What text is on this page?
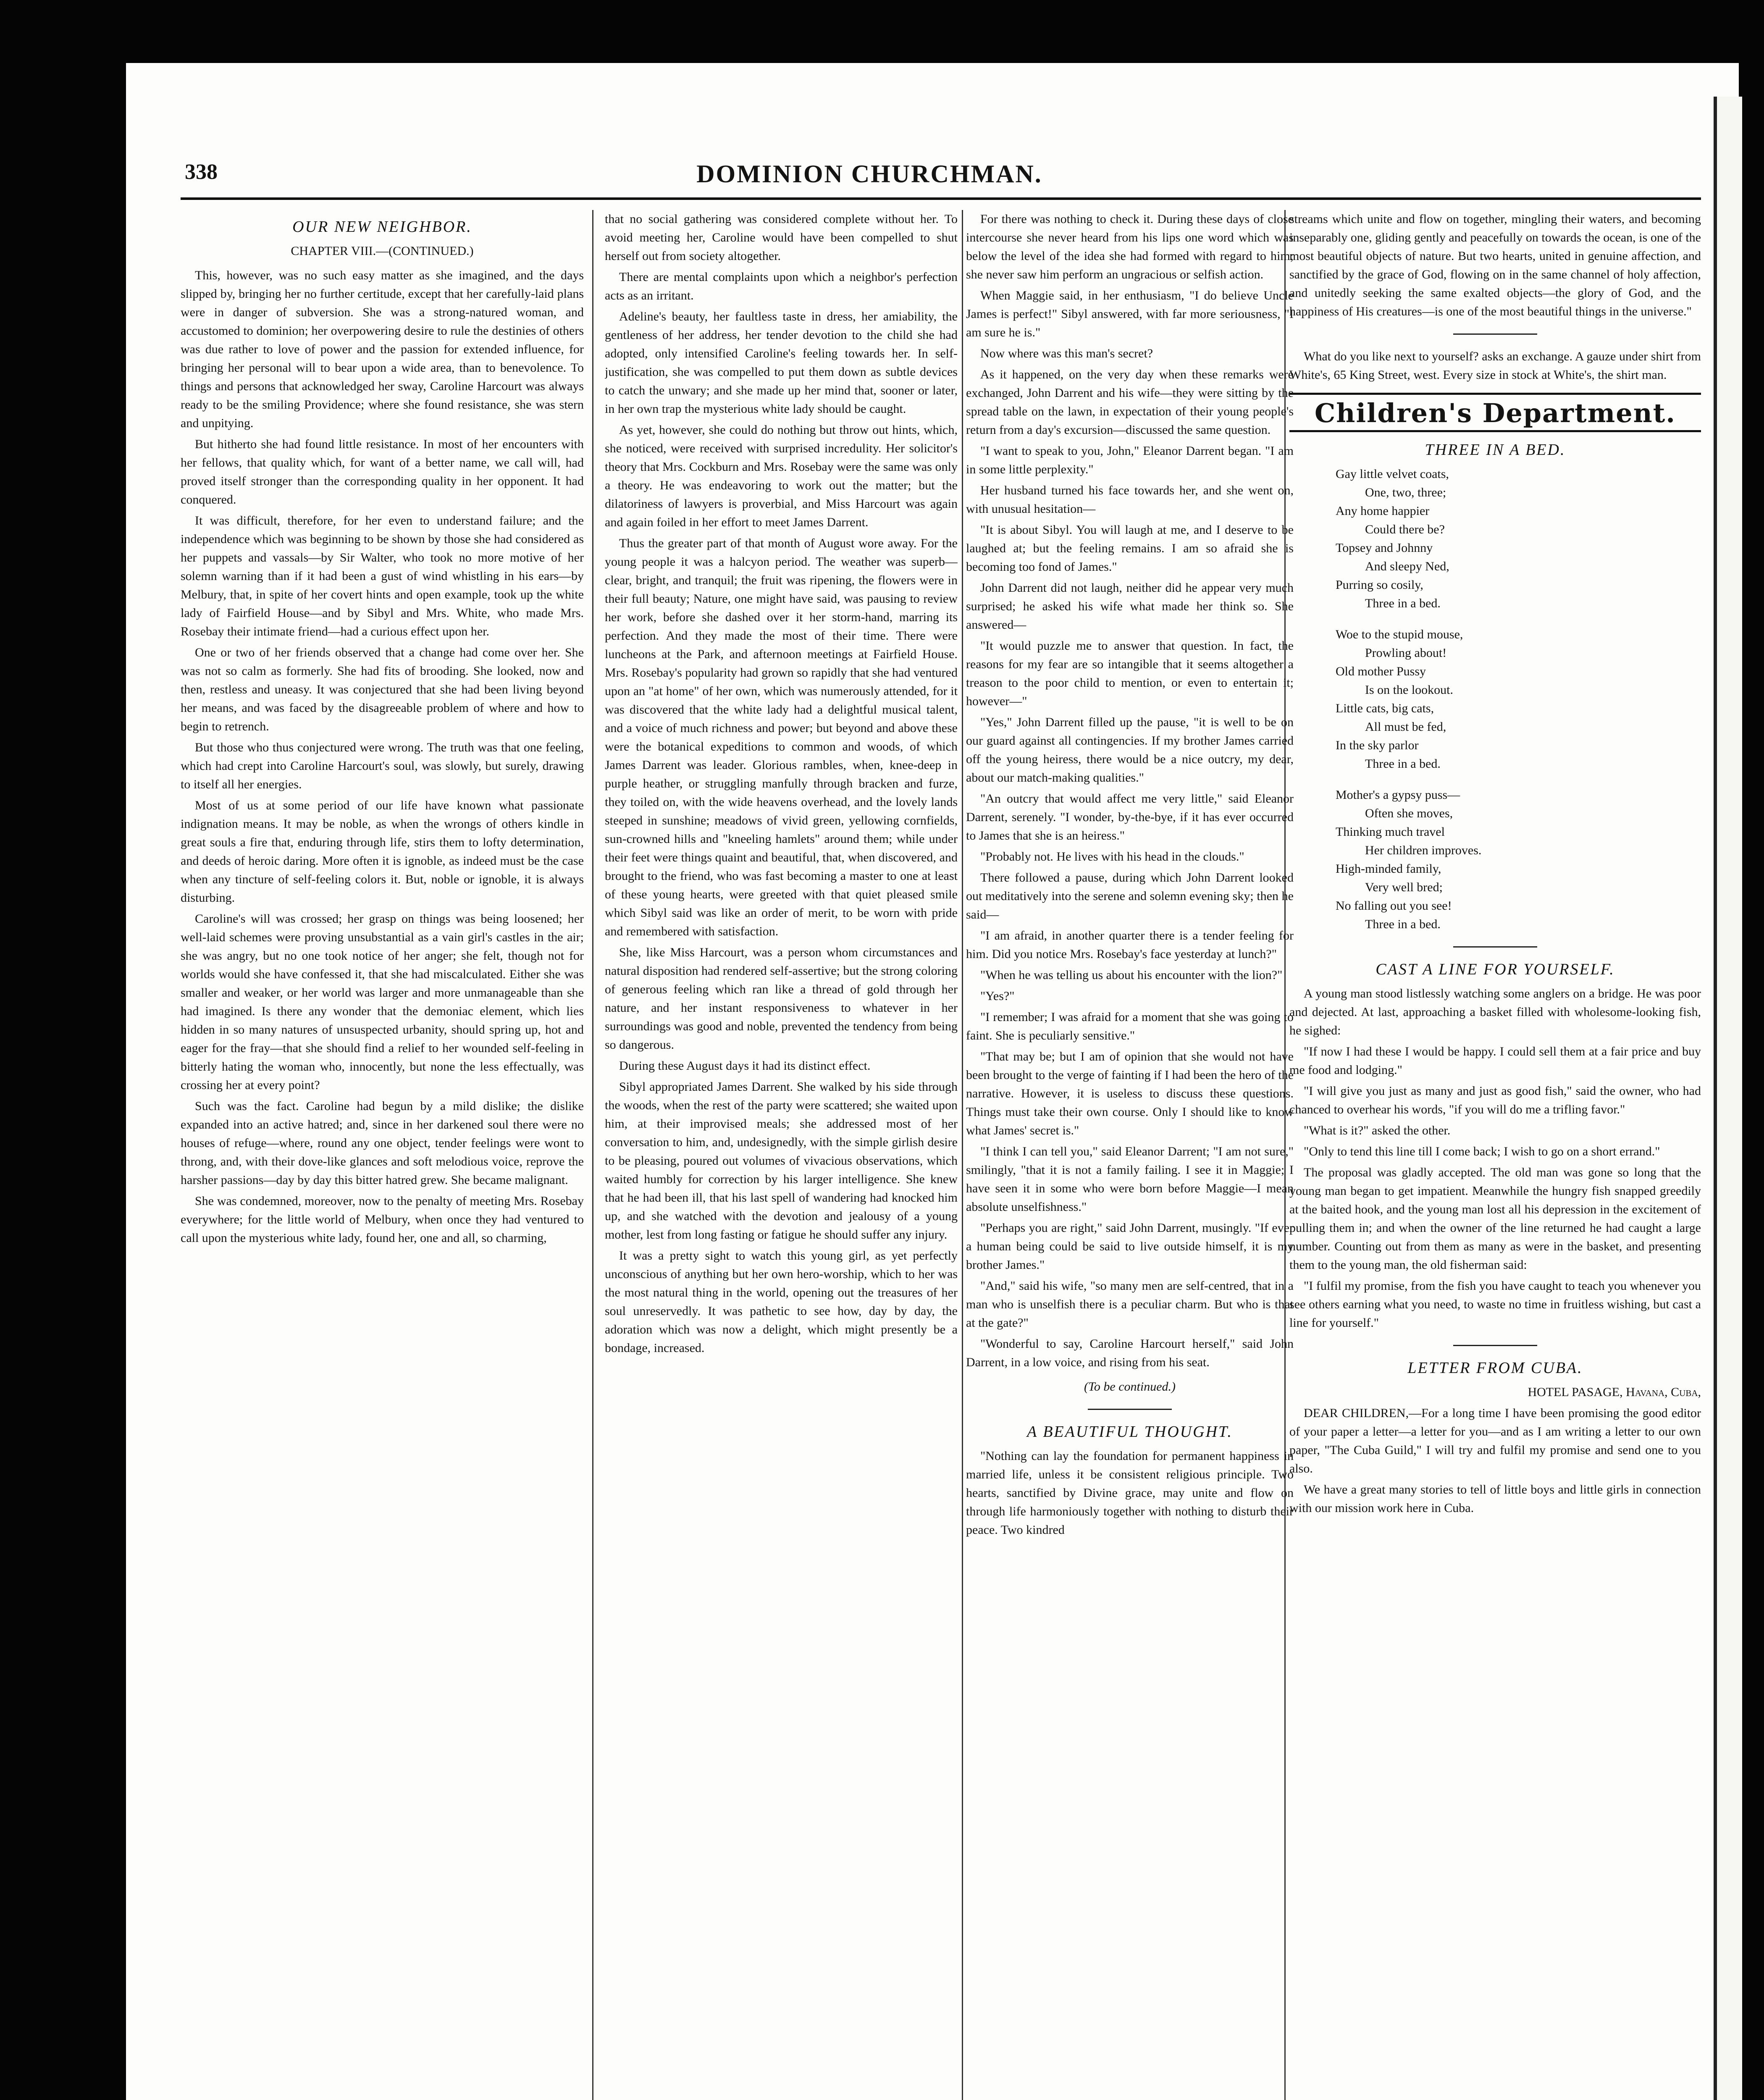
338	DOMINION CHURCHMAN.

OUR NEW NEIGHBOR.

CHAPTER VIII.—(CONTINUED.)

This, however, was no such easy matter as she imagined, and the days slipped by, bringing her no further certitude, except that her carefully-laid plans were in danger of subversion. She was a strong-natured woman, and accustomed to dominion; her overpowering desire to rule the destinies of others was due rather to love of power and the passion for extended influence, for bringing her personal will to bear upon a wide area, than to benevolence. To things and persons that acknowledged her sway, Caroline Harcourt was always ready to be the smiling Providence; where she found resistance, she was stern and unpitying.

But hitherto she had found little resistance. In most of her encounters with her fellows, that quality which, for want of a better name, we call will, had proved itself stronger than the corresponding quality in her opponent. It had conquered.

It was difficult, therefore, for her even to understand failure; and the independence which was beginning to be shown by those she had considered as her puppets and vassals—by Sir Walter, who took no more motive of her solemn warning than if it had been a gust of wind whistling in his ears—by Melbury, that, in spite of her covert hints and open example, took up the white lady of Fairfield House—and by Sibyl and Mrs. White, who made Mrs. Rosebay their intimate friend—had a curious effect upon her.

One or two of her friends observed that a change had come over her. She was not so calm as formerly. She had fits of brooding. She looked, now and then, restless and uneasy. It was conjectured that she had been living beyond her means, and was faced by the disagreeable problem of where and how to begin to retrench.

But those who thus conjectured were wrong. The truth was that one feeling, which had crept into Caroline Harcourt's soul, was slowly, but surely, drawing to itself all her energies.

Most of us at some period of our life have known what passionate indignation means. It may be noble, as when the wrongs of others kindle in great souls a fire that, enduring through life, stirs them to lofty determination, and deeds of heroic daring. More often it is ignoble, as indeed must be the case when any tincture of self-feeling colors it. But, noble or ignoble, it is always disturbing.

Caroline's will was crossed; her grasp on things was being loosened; her well-laid schemes were proving unsubstantial as a vain girl's castles in the air; she was angry, but no one took notice of her anger; she felt, though not for worlds would she have confessed it, that she had miscalculated. Either she was smaller and weaker, or her world was larger and more unmanageable than she had imagined. Is there any wonder that the demoniac element, which lies hidden in so many natures of unsuspected urbanity, should spring up, hot and eager for the fray—that she should find a relief to her wounded self-feeling in bitterly hating the woman who, innocently, but none the less effectually, was crossing her at every point?

Such was the fact. Caroline had begun by a mild dislike; the dislike expanded into an active hatred; and, since in her darkened soul there were no houses of refuge—where, round any one object, tender feelings were wont to throng, and, with their dove-like glances and soft melodious voice, reprove the harsher passions—day by day this bitter hatred grew. She became malignant.

She was condemned, moreover, now to the penalty of meeting Mrs. Rosebay everywhere; for the little world of Melbury, when once they had ventured to call upon the mysterious white lady, found her, one and all, so charming,

that no social gathering was considered complete without her. To avoid meeting her, Caroline would have been compelled to shut herself out from society altogether.

There are mental complaints upon which a neighbor's perfection acts as an irritant.

Adeline's beauty, her faultless taste in dress, her amiability, the gentleness of her address, her tender devotion to the child she had adopted, only intensified Caroline's feeling towards her. In self-justification, she was compelled to put them down as subtle devices to catch the unwary; and she made up her mind that, sooner or later, in her own trap the mysterious white lady should be caught.

As yet, however, she could do nothing but throw out hints, which, she noticed, were received with surprised incredulity. Her solicitor's theory that Mrs. Cockburn and Mrs. Rosebay were the same was only a theory. He was endeavoring to work out the matter; but the dilatoriness of lawyers is proverbial, and Miss Harcourt was again and again foiled in her effort to meet James Darrent.

Thus the greater part of that month of August wore away. For the young people it was a halcyon period. The weather was superb—clear, bright, and tranquil; the fruit was ripening, the flowers were in their full beauty; Nature, one might have said, was pausing to review her work, before she dashed over it her storm-hand, marring its perfection. And they made the most of their time. There were luncheons at the Park, and afternoon meetings at Fairfield House. Mrs. Rosebay's popularity had grown so rapidly that she had ventured upon an "at home" of her own, which was numerously attended, for it was discovered that the white lady had a delightful musical talent, and a voice of much richness and power; but beyond and above these were the botanical expeditions to common and woods, of which James Darrent was leader. Glorious rambles, when, knee-deep in purple heather, or struggling manfully through bracken and furze, they toiled on, with the wide heavens overhead, and the lovely lands steeped in sunshine; meadows of vivid green, yellowing cornfields, sun-crowned hills and "kneeling hamlets" around them; while under their feet were things quaint and beautiful, that, when discovered, and brought to the friend, who was fast becoming a master to one at least of these young hearts, were greeted with that quiet pleased smile which Sibyl said was like an order of merit, to be worn with pride and remembered with satisfaction.

She, like Miss Harcourt, was a person whom circumstances and natural disposition had rendered self-assertive; but the strong coloring of generous feeling which ran like a thread of gold through her nature, and her instant responsiveness to whatever in her surroundings was good and noble, prevented the tendency from being so dangerous.

During these August days it had its distinct effect.

Sibyl appropriated James Darrent. She walked by his side through the woods, when the rest of the party were scattered; she waited upon him, at their improvised meals; she addressed most of her conversation to him, and, undesignedly, with the simple girlish desire to be pleasing, poured out volumes of vivacious observations, which waited humbly for correction by his larger intelligence. She knew that he had been ill, that his last spell of wandering had knocked him up, and she watched with the devotion and jealousy of a young mother, lest from long fasting or fatigue he should suffer any injury.

It was a pretty sight to watch this young girl, as yet perfectly unconscious of anything but her own hero-worship, which to her was the most natural thing in the world, opening out the treasures of her soul unreservedly. It was pathetic to see how, day by day, the adoration which was now a delight, which might presently be a bondage, increased.

For there was nothing to check it. During these days of close intercourse she never heard from his lips one word which was below the level of the idea she had formed with regard to him; she never saw him perform an ungracious or selfish action.

When Maggie said, in her enthusiasm, "I do believe Uncle James is perfect!" Sibyl answered, with far more seriousness, "I am sure he is."

Now where was this man's secret?

As it happened, on the very day when these remarks were exchanged, John Darrent and his wife—they were sitting by the spread table on the lawn, in expectation of their young people's return from a day's excursion—discussed the same question.

"I want to speak to you, John," Eleanor Darrent began. "I am in some little perplexity."

Her husband turned his face towards her, and she went on, with unusual hesitation—

"It is about Sibyl. You will laugh at me, and I deserve to be laughed at; but the feeling remains. I am so afraid she is becoming too fond of James."

John Darrent did not laugh, neither did he appear very much surprised; he asked his wife what made her think so. She answered—

"It would puzzle me to answer that question. In fact, the reasons for my fear are so intangible that it seems altogether a treason to the poor child to mention, or even to entertain it; however—"

"Yes," John Darrent filled up the pause, "it is well to be on our guard against all contingencies. If my brother James carried off the young heiress, there would be a nice outcry, my dear, about our match-making qualities."

"An outcry that would affect me very little," said Eleanor Darrent, serenely. "I wonder, by-the-bye, if it has ever occurred to James that she is an heiress."

"Probably not. He lives with his head in the clouds."

There followed a pause, during which John Darrent looked out meditatively into the serene and solemn evening sky; then he said—

"I am afraid, in another quarter there is a tender feeling for him. Did you notice Mrs. Rosebay's face yesterday at lunch?"

"When he was telling us about his encounter with the lion?"

"Yes?"

"I remember; I was afraid for a moment that she was going to faint. She is peculiarly sensitive."

"That may be; but I am of opinion that she would not have been brought to the verge of fainting if I had been the hero of the narrative. However, it is useless to discuss these questions. Things must take their own course. Only I should like to know what James' secret is."

"I think I can tell you," said Eleanor Darrent; "I am not sure," smilingly, "that it is not a family failing. I see it in Maggie; I have seen it in some who were born before Maggie—I mean absolute unselfishness."

"Perhaps you are right," said John Darrent, musingly. "If ever a human being could be said to live outside himself, it is my brother James."

"And," said his wife, "so many men are self-centred, that in a man who is unselfish there is a peculiar charm. But who is that at the gate?"

"Wonderful to say, Caroline Harcourt herself," said John Darrent, in a low voice, and rising from his seat.

(To be continued.)

A BEAUTIFUL THOUGHT.

"Nothing can lay the foundation for permanent happiness in married life, unless it be consistent religious principle. Two hearts, sanctified by Divine grace, may unite and flow on through life harmoniously together with nothing to disturb their peace. Two kindred

streams which unite and flow on together, mingling their waters, and becoming inseparably one, gliding gently and peacefully on towards the ocean, is one of the most beautiful objects of nature. But two hearts, united in genuine affection, and sanctified by the grace of God, flowing on in the same channel of holy affection, and unitedly seeking the same exalted objects—the glory of God, and the happiness of His creatures—is one of the most beautiful things in the universe."

What do you like next to yourself? asks an exchange. A gauze under shirt from White's, 65 King Street, west. Every size in stock at White's, the shirt man.

Children's Department.

THREE IN A BED.

Gay little velvet coats,
One, two, three;
Any home happier
Could there be?
Topsey and Johnny
And sleepy Ned,
Purring so cosily,
Three in a bed.
Woe to the stupid mouse,
Prowling about!
Old mother Pussy
Is on the lookout.
Little cats, big cats,
All must be fed,
In the sky parlor
Three in a bed.
Mother's a gypsy puss—
Often she moves,
Thinking much travel
Her children improves.
High-minded family,
Very well bred;
No falling out you see!
Three in a bed.

CAST A LINE FOR YOURSELF.

A young man stood listlessly watching some anglers on a bridge. He was poor and dejected. At last, approaching a basket filled with wholesome-looking fish, he sighed:

"If now I had these I would be happy. I could sell them at a fair price and buy me food and lodging."

"I will give you just as many and just as good fish," said the owner, who had chanced to overhear his words, "if you will do me a trifling favor."

"What is it?" asked the other.

"Only to tend this line till I come back; I wish to go on a short errand."

The proposal was gladly accepted. The old man was gone so long that the young man began to get impatient. Meanwhile the hungry fish snapped greedily at the baited hook, and the young man lost all his depression in the excitement of pulling them in; and when the owner of the line returned he had caught a large number. Counting out from them as many as were in the basket, and presenting them to the young man, the old fisherman said:

"I fulfil my promise, from the fish you have caught to teach you whenever you see others earning what you need, to waste no time in fruitless wishing, but cast a line for yourself."

LETTER FROM CUBA.

HOTEL PASAGE, Havana, Cuba,

DEAR CHILDREN,—For a long time I have been promising the good editor of your paper a letter—a letter for you—and as I am writing a letter to our own paper, "The Cuba Guild," I will try and fulfil my promise and send one to you also.

We have a great many stories to tell of little boys and little girls in connection with our mission work here in Cuba.
